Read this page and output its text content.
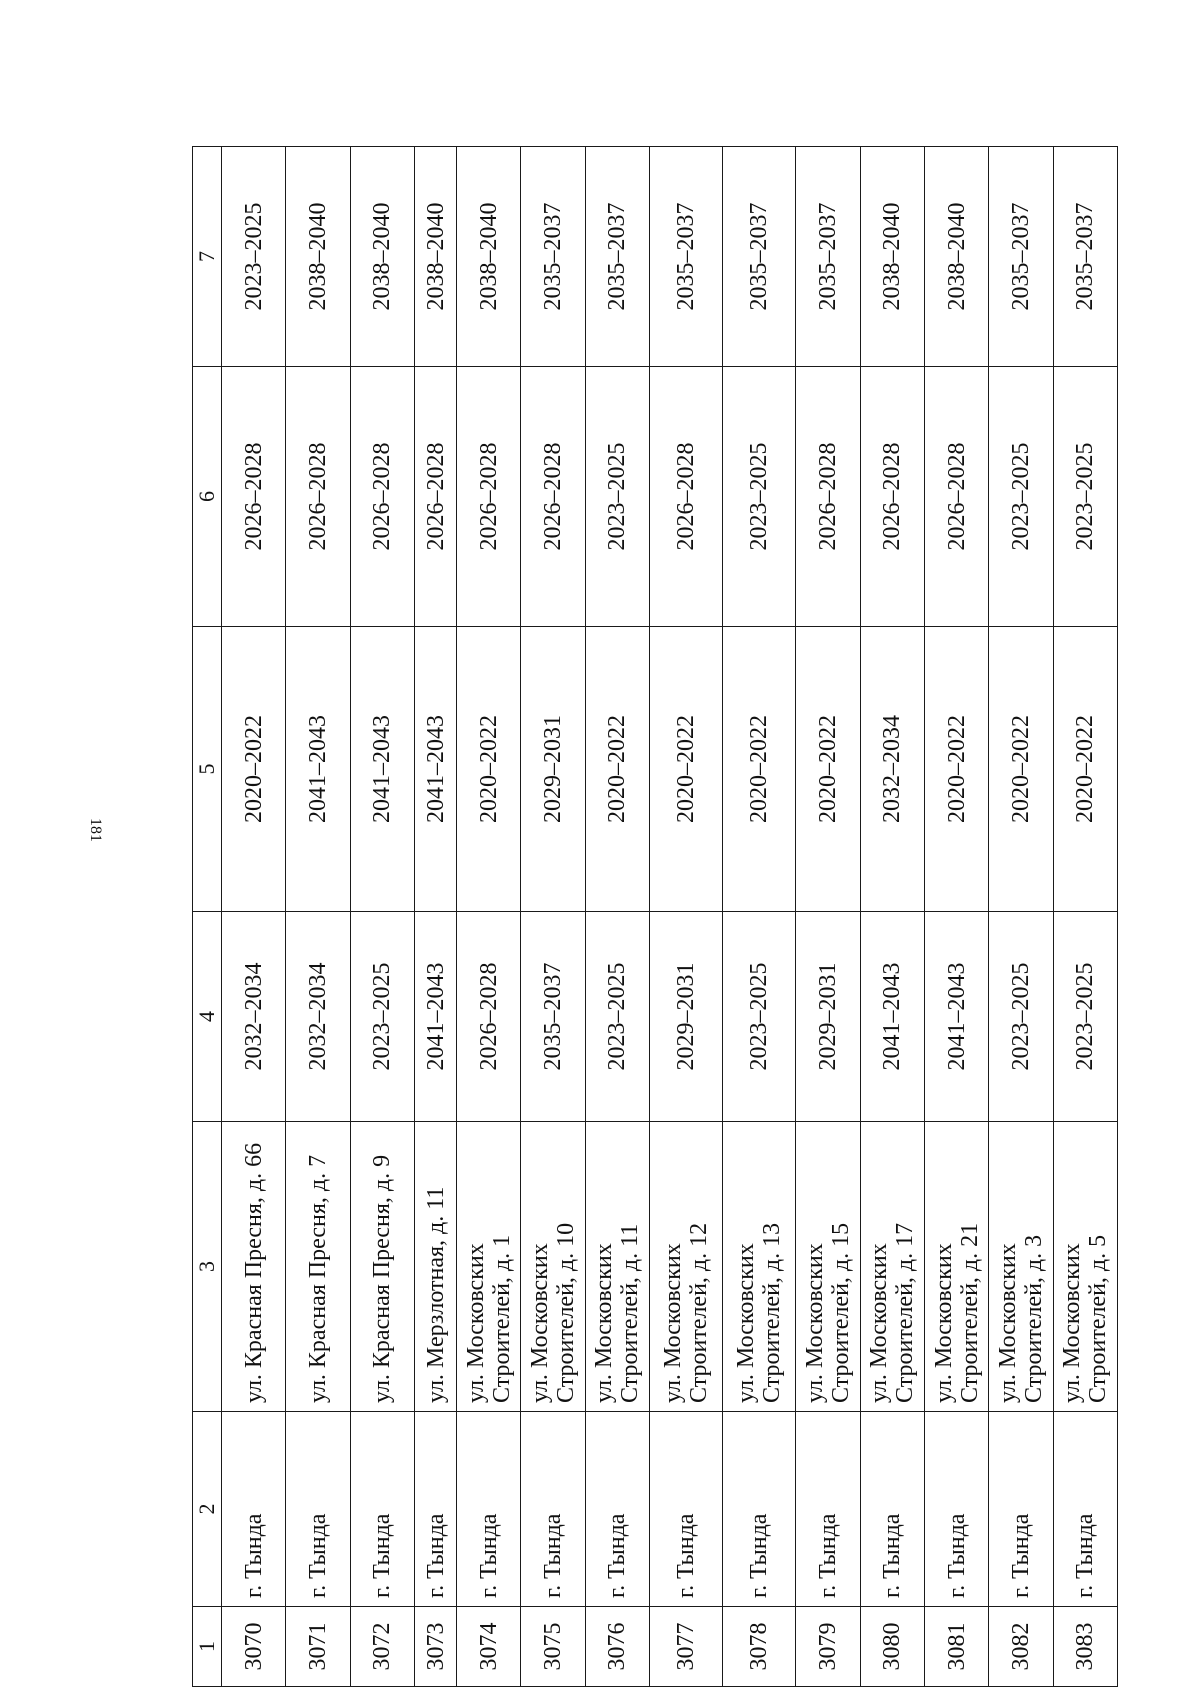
181
1	2	3	4	5	6	7
3070	г. Тында	ул. Красная Пресня, д. 66	2032–2034	2020–2022	2026–2028	2023–2025
3071	г. Тында	ул. Красная Пресня, д. 7	2032–2034	2041–2043	2026–2028	2038–2040
3072	г. Тында	ул. Красная Пресня, д. 9	2023–2025	2041–2043	2026–2028	2038–2040
3073	г. Тында	ул. Мерзлотная, д. 11	2041–2043	2041–2043	2026–2028	2038–2040
3074	г. Тында	ул. Московских Строителей, д. 1	2026–2028	2020–2022	2026–2028	2038–2040
3075	г. Тында	ул. Московских Строителей, д. 10	2035–2037	2029–2031	2026–2028	2035–2037
3076	г. Тында	ул. Московских Строителей, д. 11	2023–2025	2020–2022	2023–2025	2035–2037
3077	г. Тында	ул. Московских Строителей, д. 12	2029–2031	2020–2022	2026–2028	2035–2037
3078	г. Тында	ул. Московских Строителей, д. 13	2023–2025	2020–2022	2023–2025	2035–2037
3079	г. Тында	ул. Московских Строителей, д. 15	2029–2031	2020–2022	2026–2028	2035–2037
3080	г. Тында	ул. Московских Строителей, д. 17	2041–2043	2032–2034	2026–2028	2038–2040
3081	г. Тында	ул. Московских Строителей, д. 21	2041–2043	2020–2022	2026–2028	2038–2040
3082	г. Тында	ул. Московских Строителей, д. 3	2023–2025	2020–2022	2023–2025	2035–2037
3083	г. Тында	ул. Московских Строителей, д. 5	2023–2025	2020–2022	2023–2025	2035–2037
